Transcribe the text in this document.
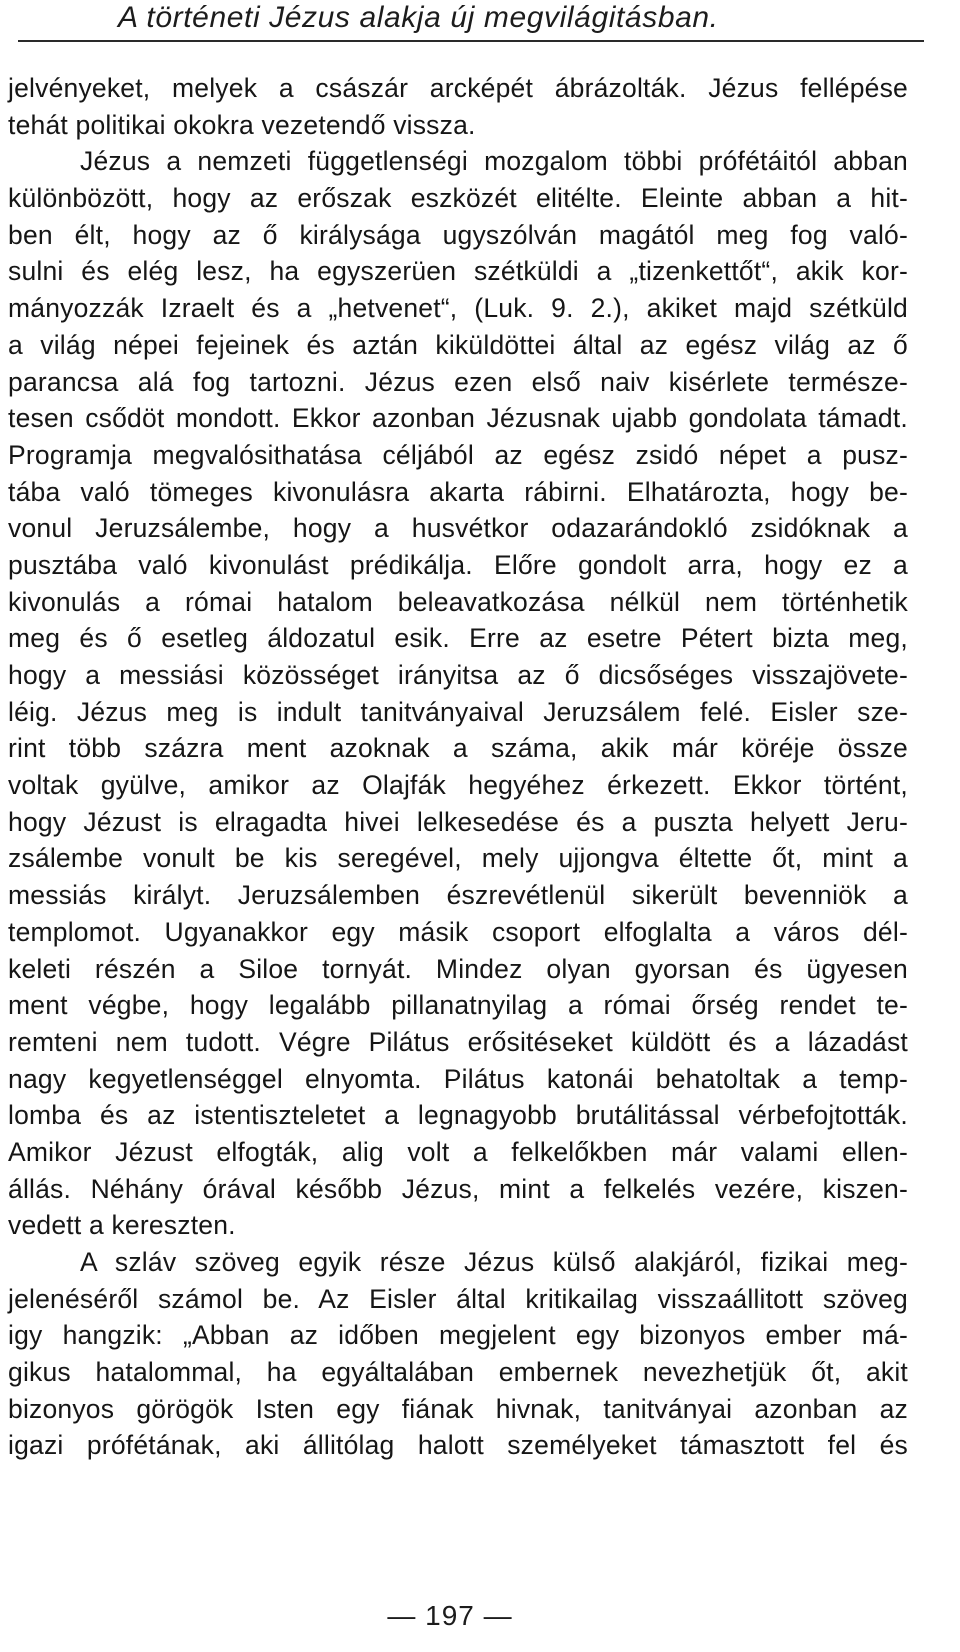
A történeti Jézus alakja új megvilágitásban.
jelvényeket, melyek a császár arcképét ábrázolták. Jézus fellépése
tehát politikai okokra vezetendő vissza.
Jézus a nemzeti függetlenségi mozgalom többi prófétáitól abban
különbözött, hogy az erőszak eszközét elitélte. Eleinte abban a hit-
ben élt, hogy az ő királysága ugyszólván magától meg fog való-
sulni és elég lesz, ha egyszerüen szétküldi a „tizenkettőt“, akik kor-
mányozzák Izraelt és a „hetvenet“, (Luk. 9. 2.), akiket majd szétküld
a világ népei fejeinek és aztán kiküldöttei által az egész világ az ő
parancsa alá fog tartozni. Jézus ezen első naiv kisérlete természe-
tesen csődöt mondott. Ekkor azonban Jézusnak ujabb gondolata támadt.
Programja megvalósithatása céljából az egész zsidó népet a pusz-
tába való tömeges kivonulásra akarta rábirni. Elhatározta, hogy be-
vonul Jeruzsálembe, hogy a husvétkor odazarándokló zsidóknak a
pusztába való kivonulást prédikálja. Előre gondolt arra, hogy ez a
kivonulás a római hatalom beleavatkozása nélkül nem történhetik
meg és ő esetleg áldozatul esik. Erre az esetre Pétert bizta meg,
hogy a messiási közösséget irányitsa az ő dicsőséges visszajövete-
léig. Jézus meg is indult tanitványaival Jeruzsálem felé. Eisler sze-
rint több százra ment azoknak a száma, akik már köréje össze
voltak gyülve, amikor az Olajfák hegyéhez érkezett. Ekkor történt,
hogy Jézust is elragadta hivei lelkesedése és a puszta helyett Jeru-
zsálembe vonult be kis seregével, mely ujjongva éltette őt, mint a
messiás királyt. Jeruzsálemben észrevétlenül sikerült bevenniök a
templomot. Ugyanakkor egy másik csoport elfoglalta a város dél-
keleti részén a Siloe tornyát. Mindez olyan gyorsan és ügyesen
ment végbe, hogy legalább pillanatnyilag a római őrség rendet te-
remteni nem tudott. Végre Pilátus erősitéseket küldött és a lázadást
nagy kegyetlenséggel elnyomta. Pilátus katonái behatoltak a temp-
lomba és az istentiszteletet a legnagyobb brutálitással vérbefojtották.
Amikor Jézust elfogták, alig volt a felkelőkben már valami ellen-
állás. Néhány órával később Jézus, mint a felkelés vezére, kiszen-
vedett a kereszten.
A szláv szöveg egyik része Jézus külső alakjáról, fizikai meg-
jelenéséről számol be. Az Eisler által kritikailag visszaállitott szöveg
igy hangzik: „Abban az időben megjelent egy bizonyos ember má-
gikus hatalommal, ha egyáltalában embernek nevezhetjük őt, akit
bizonyos görögök Isten egy fiának hivnak, tanitványai azonban az
igazi prófétának, aki állitólag halott személyeket támasztott fel és
— 197 —
